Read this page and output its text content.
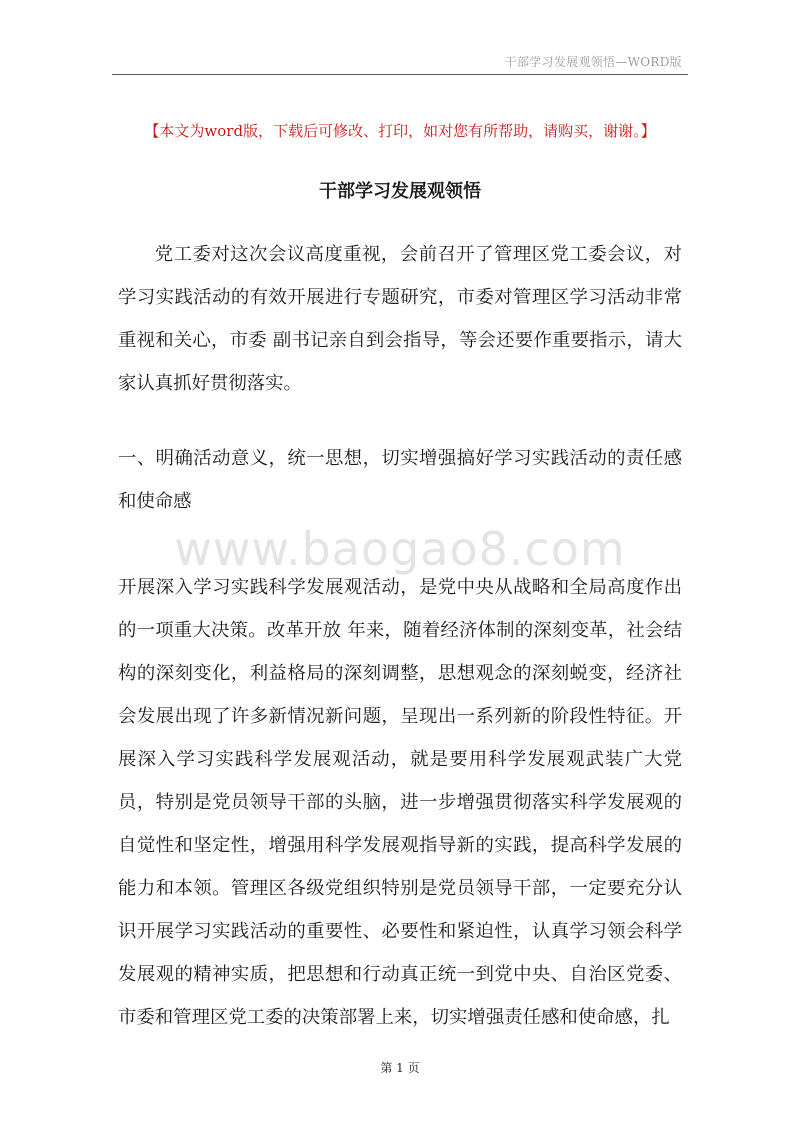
干部学习发展观领悟—WORD版
【本文为word版，下载后可修改、打印，如对您有所帮助，请购买，谢谢。】
干部学习发展观领悟
www.baogao8.com
党工委对这次会议高度重视，会前召开了管理区党工委会议，对学习实践活动的有效开展进行专题研究，市委对管理区学习活动非常重视和关心，市委 副书记亲自到会指导，等会还要作重要指示，请大家认真抓好贯彻落实。
一、明确活动意义，统一思想，切实增强搞好学习实践活动的责任感和使命感
开展深入学习实践科学发展观活动，是党中央从战略和全局高度作出的一项重大决策。改革开放 年来，随着经济体制的深刻变革，社会结构的深刻变化，利益格局的深刻调整，思想观念的深刻蜕变，经济社会发展出现了许多新情况新问题，呈现出一系列新的阶段性特征。开展深入学习实践科学发展观活动，就是要用科学发展观武装广大党员，特别是党员领导干部的头脑，进一步增强贯彻落实科学发展观的自觉性和坚定性，增强用科学发展观指导新的实践，提高科学发展的能力和本领。管理区各级党组织特别是党员领导干部，一定要充分认识开展学习实践活动的重要性、必要性和紧迫性，认真学习领会科学发展观的精神实质，把思想和行动真正统一到党中央、自治区党委、市委和管理区党工委的决策部署上来，切实增强责任感和使命感，扎
第 1 页
